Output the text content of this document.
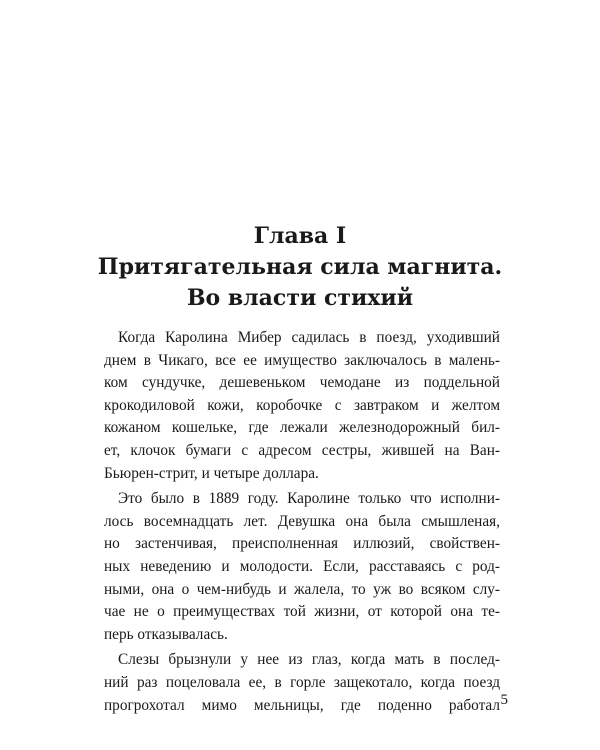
Глава I
Притягательная сила магнита.
Во власти стихий

Когда Каролина Мибер садилась в поезд, уходивший
днем в Чикаго, все ее имущество заключалось в малень-
ком сундучке, дешевеньком чемодане из поддельной
крокодиловой кожи, коробочке с завтраком и желтом
кожаном кошельке, где лежали железнодорожный бил-
ет, клочок бумаги с адресом сестры, жившей на Ван-
Бьюрен-стрит, и четыре доллара.

Это было в 1889 году. Каролине только что исполни-
лось восемнадцать лет. Девушка она была смышленая,
но застенчивая, преисполненная иллюзий, свойствен-
ных неведению и молодости. Если, расставаясь с род-
ными, она о чем-нибудь и жалела, то уж во всяком слу-
чае не о преимуществах той жизни, от которой она те-
перь отказывалась.

Слезы брызнули у нее из глаз, когда мать в послед-
ний раз поцеловала ее, в горле защекотало, когда поезд
прогрохотал мимо мельницы, где поденно работал 5
